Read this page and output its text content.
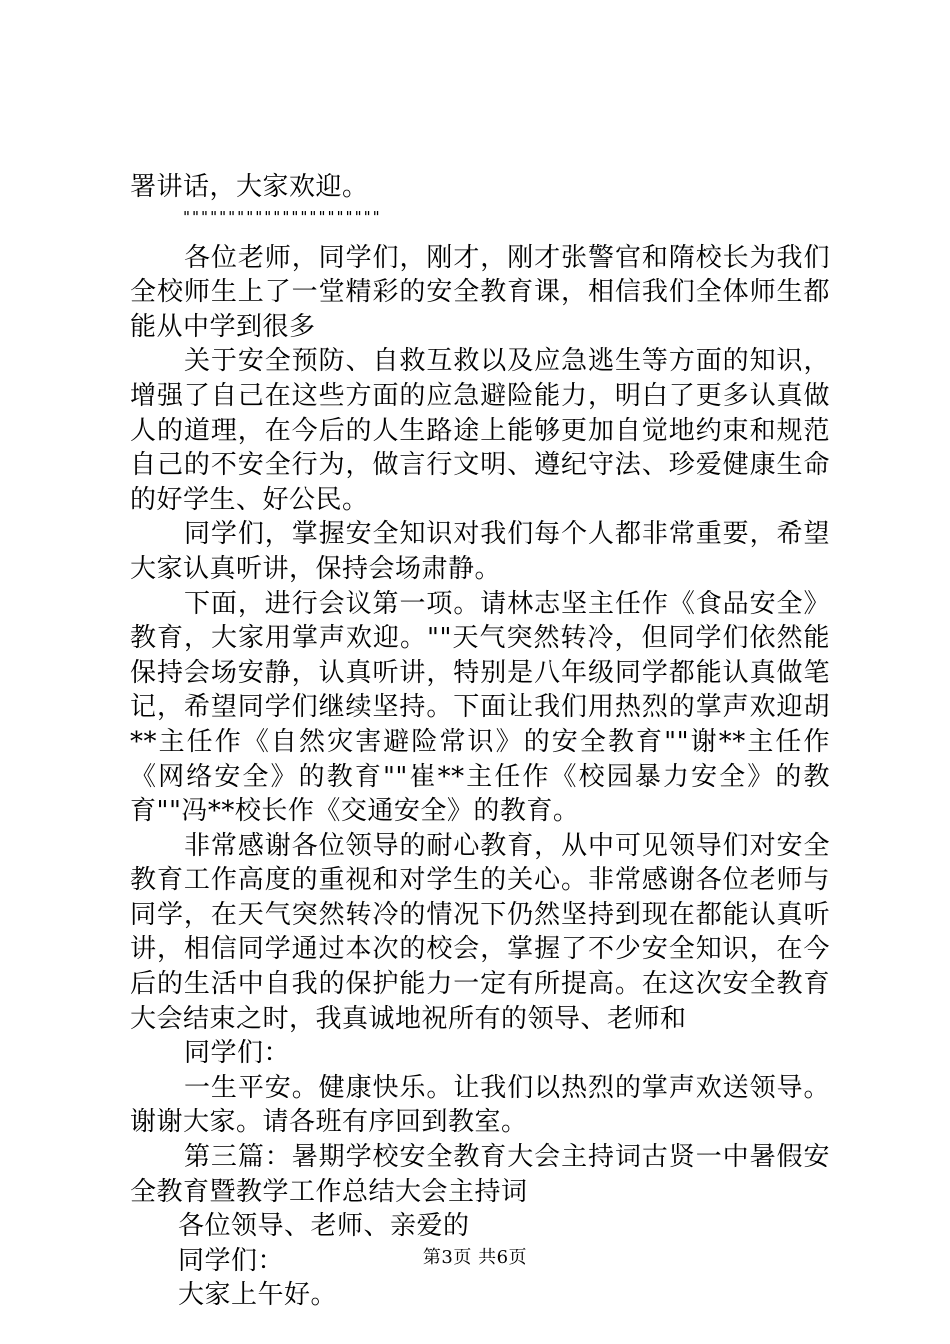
署讲话，大家欢迎。

""""""""""""""""""""""

各位老师，同学们，刚才，刚才张警官和隋校长为我们全校师生上了一堂精彩的安全教育课，相信我们全体师生都能从中学到很多

关于安全预防、自救互救以及应急逃生等方面的知识，增强了自己在这些方面的应急避险能力，明白了更多认真做人的道理，在今后的人生路途上能够更加自觉地约束和规范自己的不安全行为，做言行文明、遵纪守法、珍爱健康生命的好学生、好公民。

同学们，掌握安全知识对我们每个人都非常重要，希望大家认真听讲，保持会场肃静。

下面，进行会议第一项。请林志坚主任作《食品安全》教育，大家用掌声欢迎。""天气突然转冷，但同学们依然能保持会场安静，认真听讲，特别是八年级同学都能认真做笔记，希望同学们继续坚持。下面让我们用热烈的掌声欢迎胡**主任作《自然灾害避险常识》的安全教育""谢**主任作《网络安全》的教育""崔**主任作《校园暴力安全》的教育""冯**校长作《交通安全》的教育。

非常感谢各位领导的耐心教育，从中可见领导们对安全教育工作高度的重视和对学生的关心。非常感谢各位老师与同学，在天气突然转冷的情况下仍然坚持到现在都能认真听讲，相信同学通过本次的校会，掌握了不少安全知识，在今后的生活中自我的保护能力一定有所提高。在这次安全教育大会结束之时，我真诚地祝所有的领导、老师和

同学们：

一生平安。健康快乐。让我们以热烈的掌声欢送领导。谢谢大家。请各班有序回到教室。

第三篇：暑期学校安全教育大会主持词古贤一中暑假安全教育暨教学工作总结大会主持词

各位领导、老师、亲爱的

同学们：

大家上午好。

第3页 共6页
